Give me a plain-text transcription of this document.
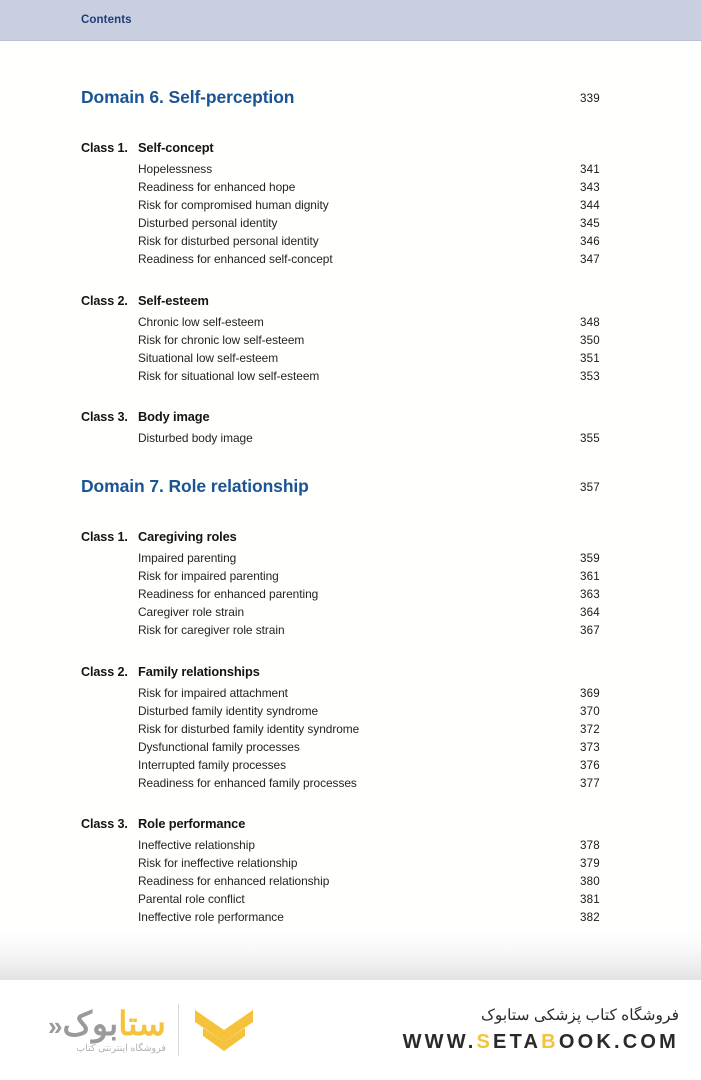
Contents
Domain 6. Self-perception	339
Class 1. Self-concept
Hopelessness	341
Readiness for enhanced hope	343
Risk for compromised human dignity	344
Disturbed personal identity	345
Risk for disturbed personal identity	346
Readiness for enhanced self-concept	347
Class 2. Self-esteem
Chronic low self-esteem	348
Risk for chronic low self-esteem	350
Situational low self-esteem	351
Risk for situational low self-esteem	353
Class 3. Body image
Disturbed body image	355
Domain 7. Role relationship	357
Class 1. Caregiving roles
Impaired parenting	359
Risk for impaired parenting	361
Readiness for enhanced parenting	363
Caregiver role strain	364
Risk for caregiver role strain	367
Class 2. Family relationships
Risk for impaired attachment	369
Disturbed family identity syndrome	370
Risk for disturbed family identity syndrome	372
Dysfunctional family processes	373
Interrupted family processes	376
Readiness for enhanced family processes	377
Class 3. Role performance
Ineffective relationship	378
Risk for ineffective relationship	379
Readiness for enhanced relationship	380
Parental role conflict	381
Ineffective role performance	382
ستابوک«
فروشگاه اینترنتی کتاب
فروشگاه کتاب پزشکی ستابوک
WWW.SETABOOK.COM
